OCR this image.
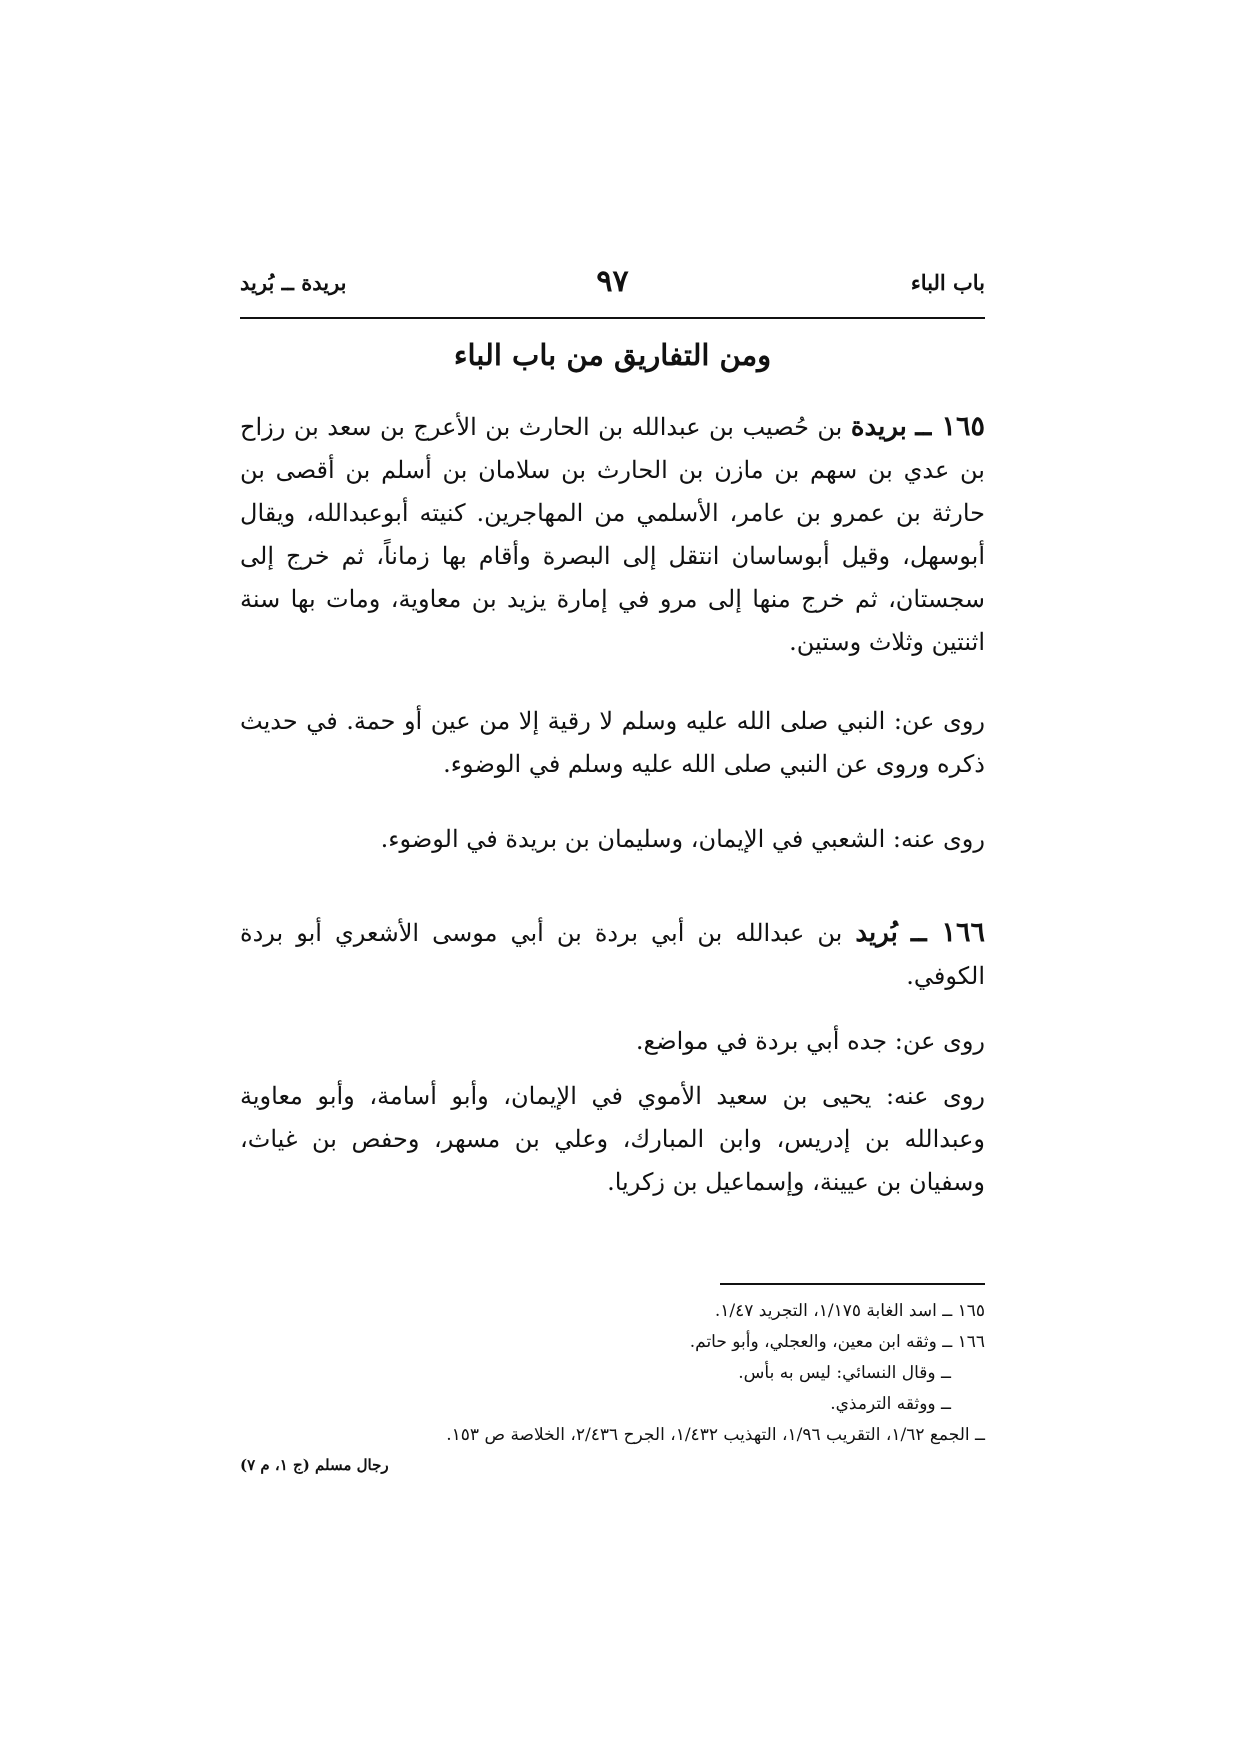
باب الباء
٩٧
بريدة ــ بُريد
ومن التفاريق من باب الباء

١٦٥ ــ بريدة بن حُصيب بن عبدالله بن الحارث بن الأعرج بن سعد بن رزاح بن عدي بن سهم بن مازن بن الحارث بن سلامان بن أسلم بن أقصى بن حارثة بن عمرو بن عامر، الأسلمي من المهاجرين. كنيته أبوعبدالله، ويقال أبوسهل، وقيل أبوساسان انتقل إلى البصرة وأقام بها زماناً، ثم خرج إلى سجستان، ثم خرج منها إلى مرو في إمارة يزيد بن معاوية، ومات بها سنة اثنتين وثلاث وستين.

روى عن: النبي صلى الله عليه وسلم لا رقية إلا من عين أو حمة. في حديث ذكره وروى عن النبي صلى الله عليه وسلم في الوضوء.

روى عنه: الشعبي في الإيمان، وسليمان بن بريدة في الوضوء.

١٦٦ ــ بُريد بن عبدالله بن أبي بردة بن أبي موسى الأشعري أبو بردة الكوفي.

روى عن: جده أبي بردة في مواضع.

روى عنه: يحيى بن سعيد الأموي في الإيمان، وأبو أسامة، وأبو معاوية وعبدالله بن إدريس، وابن المبارك، وعلي بن مسهر، وحفص بن غياث، وسفيان بن عيينة، وإسماعيل بن زكريا.

١٦٥ ــ اسد الغابة ١/١٧٥، التجريد ١/٤٧.

١٦٦ ــ وثقه ابن معين، والعجلي، وأبو حاتم.

ــ وقال النسائي: ليس به بأس.

ــ ووثقه الترمذي.

ــ الجمع ١/٦٢، التقريب ١/٩٦، التهذيب ١/٤٣٢، الجرح ٢/٤٣٦، الخلاصة ص ١٥٣.

رجال مسلم (ج ١، م ٧)
